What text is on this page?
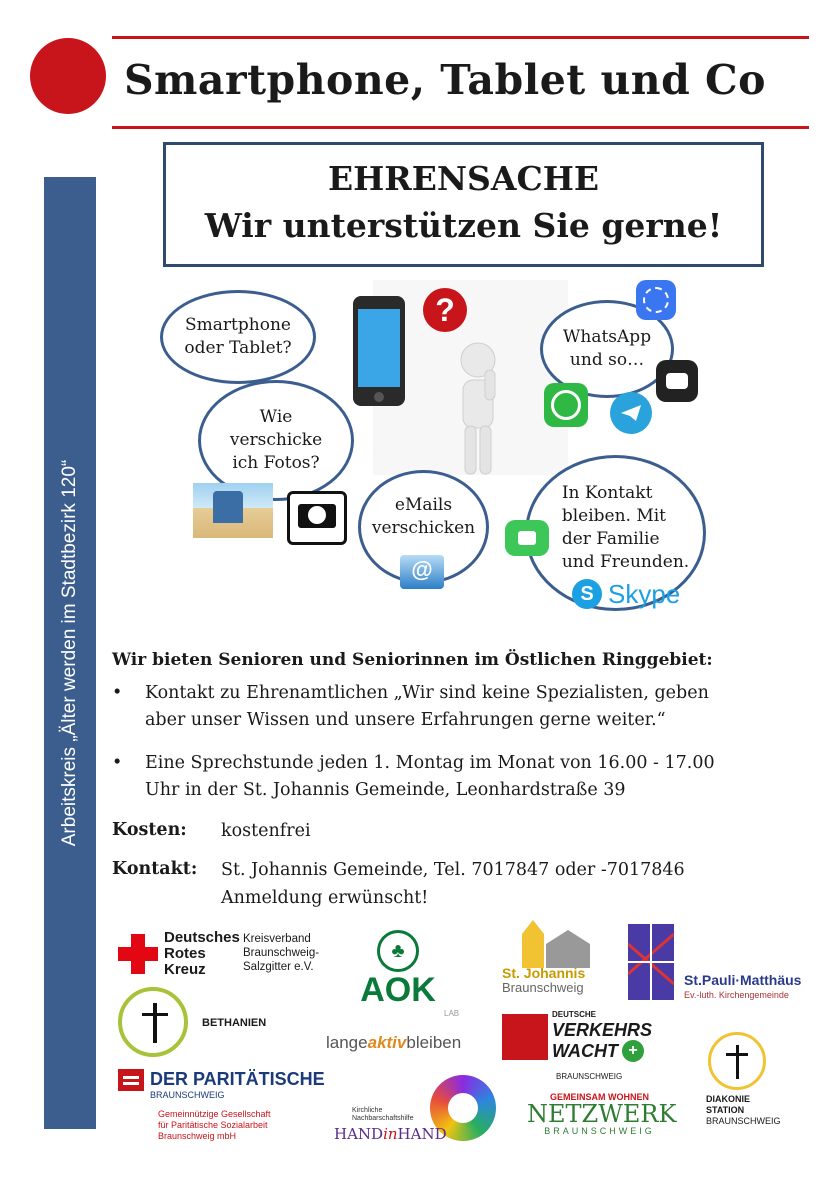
Smartphone, Tablet und Co
Arbeitskreis „Älter werden im Stadtbezirk 120“
EHRENSACHE
Wir unterstützen Sie gerne!
?
Smartphone
oder Tablet?
Wie
verschicke
ich Fotos?
eMails
verschicken
WhatsApp
und so…
In Kontakt
bleiben. Mit
der Familie
und Freunden.
@
S Skype
Wir bieten Senioren und Seniorinnen im Östlichen Ringgebiet:
• Kontakt zu Ehrenamtlichen „Wir sind keine Spezialisten, geben
aber unser Wissen und unsere Erfahrungen gerne weiter.“
• Eine Sprechstunde jeden 1. Montag im Monat von 16.00 - 17.00
Uhr in der St. Johannis Gemeinde, Leonhardstraße 39
Kosten: kostenfrei
Kontakt: St. Johannis Gemeinde, Tel. 7017847 oder -7017846
Anmeldung erwünscht!
Deutsches
Rotes
Kreuz
Kreisverband
Braunschweig-
Salzgitter e.V.
♣
AOK	St. Johannis
Braunschweig	St.Pauli·Matthäus
Ev.-luth. Kirchengemeinde
BETHANIEN
LAB
langeaktivbleiben
DEUTSCHE
VERKEHRS
WACHT +
BRAUNSCHWEIG
DIAKONIE
STATION
BRAUNSCHWEIG
DER PARITÄTISCHE
BRAUNSCHWEIG
Gemeinnützige Gesellschaft
für Paritätische Sozialarbeit
Braunschweig mbH
Kirchliche
Nachbarschaftshilfe
HANDinHAND
GEMEINSAM WOHNEN
NETZWERK
BRAUNSCHWEIG
